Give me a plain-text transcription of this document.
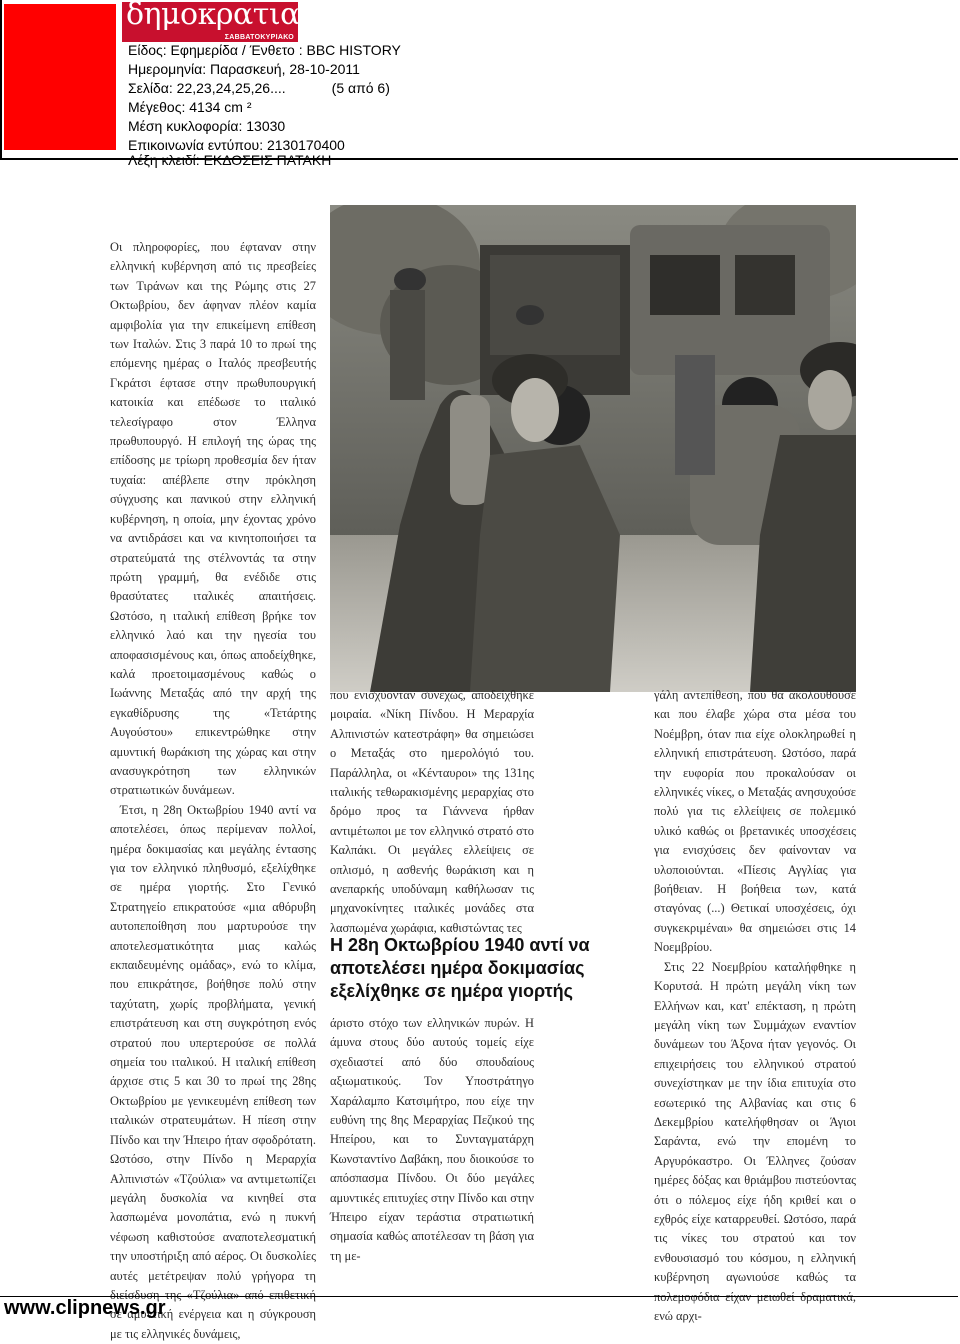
δημοκρατια
ΣΑΒΒΑΤΟΚΥΡΙΑΚΟ
Είδος: Εφημερίδα / Ένθετο : BBC HISTORY
Ημερομηνία: Παρασκευή, 28-10-2011
Σελίδα: 22,23,24,25,26....	(5 από 6)
Μέγεθος: 4134 cm ²
Μέση κυκλοφορία: 13030
Επικοινωνία εντύπου: 2130170400
Λέξη κλειδί: ΕΚΔΟΣΕΙΣ ΠΑΤΑΚΗ

Οι πληροφορίες, που έφταναν στην ελληνική κυβέρνηση από τις πρεσβείες των Τιράνων και της Ρώμης στις 27 Οκτωβρίου, δεν άφηναν πλέον καμία αμφιβολία για την επικείμενη επίθεση των Ιταλών. Στις 3 παρά 10 το πρωί της επόμενης ημέρας ο Ιταλός πρεσβευτής Γκράτσι έφτασε στην πρωθυπουργική κατοικία και επέδωσε το ιταλικό τελεσίγραφο στον Έλληνα πρωθυπουργό. Η επιλογή της ώρας της επίδοσης με τρίωρη προθεσμία δεν ήταν τυχαία: απέβλεπε στην πρόκληση σύγχυσης και πανικού στην ελληνική κυβέρνηση, η οποία, μην έχοντας χρόνο να αντιδράσει και να κινητοποιήσει τα στρατεύματά της στέλνοντάς τα στην πρώτη γραμμή, θα ενέδιδε στις θρασύτατες ιταλικές απαιτήσεις. Ωστόσο, η ιταλική επίθεση βρήκε τον ελληνικό λαό και την ηγεσία του αποφασισμένους και, όπως αποδείχθηκε, καλά προετοιμασμένους καθώς ο Ιωάννης Μεταξάς από την αρχή της εγκαθίδρυσης της «Τετάρτης Αυγούστου» επικεντρώθηκε στην αμυντική θωράκιση της χώρας και στην ανασυγκρότηση των ελληνικών στρατιωτικών δυνάμεων.

Έτσι, η 28η Οκτωβρίου 1940 αντί να αποτελέσει, όπως περίμεναν πολλοί, ημέρα δοκιμασίας και μεγάλης έντασης για τον ελληνικό πληθυσμό, εξελίχθηκε σε ημέρα γιορτής. Στο Γενικό Στρατηγείο επικρατούσε «μια αθόρυβη αυτοπεποίθηση που μαρτυρούσε την αποτελεσματικότητα μιας καλώς εκπαιδευμένης ομάδας», ενώ το κλίμα, που επικράτησε, βοήθησε πολύ στην ταχύτατη, χωρίς προβλήματα, γενική επιστράτευση και στη συγκρότηση ενός στρατού που υπερτερούσε σε πολλά σημεία του ιταλικού. Η ιταλική επίθεση άρχισε στις 5 και 30 το πρωί της 28ης Οκτωβρίου με γενικευμένη επίθεση των ιταλικών στρατευμάτων. Η πίεση στην Πίνδο και την Ήπειρο ήταν σφοδρότατη. Ωστόσο, στην Πίνδο η Μεραρχία Αλπινιστών «Τζούλια» να αντιμετωπίζει μεγάλη δυσκολία να κινηθεί στα λασπωμένα μονοπάτια, ενώ η πυκνή νέφωση καθιστούσε αναποτελεσματική την υποστήριξη από αέρος. Οι δυσκολίες αυτές μετέτρεψαν πολύ γρήγορα τη διείσδυση της «Τζούλια» από επιθετική σε αμυντική ενέργεια και η σύγκρουση με τις ελληνικές δυνάμεις,

που ενισχύονταν συνεχώς, αποδείχθηκε μοιραία. «Νίκη Πίνδου. Η Μεραρχία Αλπινιστών κατεστράφη» θα σημειώσει ο Μεταξάς στο ημερολόγιό του. Παράλληλα, οι «Κένταυροι» της 131ης ιταλικής τεθωρακισμένης μεραρχίας στο δρόμο προς τα Γιάννενα ήρθαν αντιμέτωποι με τον ελληνικό στρατό στο Καλπάκι. Οι μεγάλες ελλείψεις σε οπλισμό, η ασθενής θωράκιση και η ανεπαρκής υποδύναμη καθήλωσαν τις μηχανοκίνητες ιταλικές μονάδες στα λασπωμένα χωράφια, καθιστώντας τες

Η 28η Οκτωβρίου 1940 αντί να αποτελέσει ημέρα δοκιμασίας εξελίχθηκε σε ημέρα γιορτής

άριστο στόχο των ελληνικών πυρών. Η άμυνα στους δύο αυτούς τομείς είχε σχεδιαστεί από δύο σπουδαίους αξιωματικούς. Τον Υποστράτηγο Χαράλαμπο Κατσιμήτρο, που είχε την ευθύνη της 8ης Μεραρχίας Πεζικού της Ηπείρου, και το Συνταγματάρχη Κωνσταντίνο Δαβάκη, που διοικούσε το απόσπασμα Πίνδου. Οι δύο μεγάλες αμυντικές επιτυχίες στην Πίνδο και στην Ήπειρο είχαν τεράστια στρατιωτική σημασία καθώς αποτέλεσαν τη βάση για τη με-

γάλη αντεπίθεση, που θα ακολουθούσε και που έλαβε χώρα στα μέσα του Νοέμβρη, όταν πια είχε ολοκληρωθεί η ελληνική επιστράτευση. Ωστόσο, παρά την ευφορία που προκαλούσαν οι ελληνικές νίκες, ο Μεταξάς ανησυχούσε πολύ για τις ελλείψεις σε πολεμικό υλικό καθώς οι βρετανικές υποσχέσεις για ενισχύσεις δεν φαίνονταν να υλοποιούνται. «Πίεσις Αγγλίας για βοήθειαν. Η βοήθεια των, κατά σταγόνας (...) Θετικαί υποσχέσεις, όχι συγκεκριμέναι» θα σημειώσει στις 14 Νοεμβρίου.

Στις 22 Νοεμβρίου καταλήφθηκε η Κορυτσά. Η πρώτη μεγάλη νίκη των Ελλήνων και, κατ' επέκταση, η πρώτη μεγάλη νίκη των Συμμάχων εναντίον δυνάμεων του Άξονα ήταν γεγονός. Οι επιχειρήσεις του ελληνικού στρατού συνεχίστηκαν με την ίδια επιτυχία στο εσωτερικό της Αλβανίας και στις 6 Δεκεμβρίου κατελήφθησαν οι Άγιοι Σαράντα, ενώ την επομένη το Αργυρόκαστρο. Οι Έλληνες ζούσαν ημέρες δόξας και θριάμβου πιστεύοντας ότι ο πόλεμος είχε ήδη κριθεί και ο εχθρός είχε καταρρευθεί. Ωστόσο, παρά τις νίκες του στρατού και τον ενθουσιασμό του κόσμου, η ελληνική κυβέρνηση αγωνιούσε καθώς τα πολεμοφόδια είχαν μειωθεί δραματικά, ενώ αρχι-

www.clipnews.gr
